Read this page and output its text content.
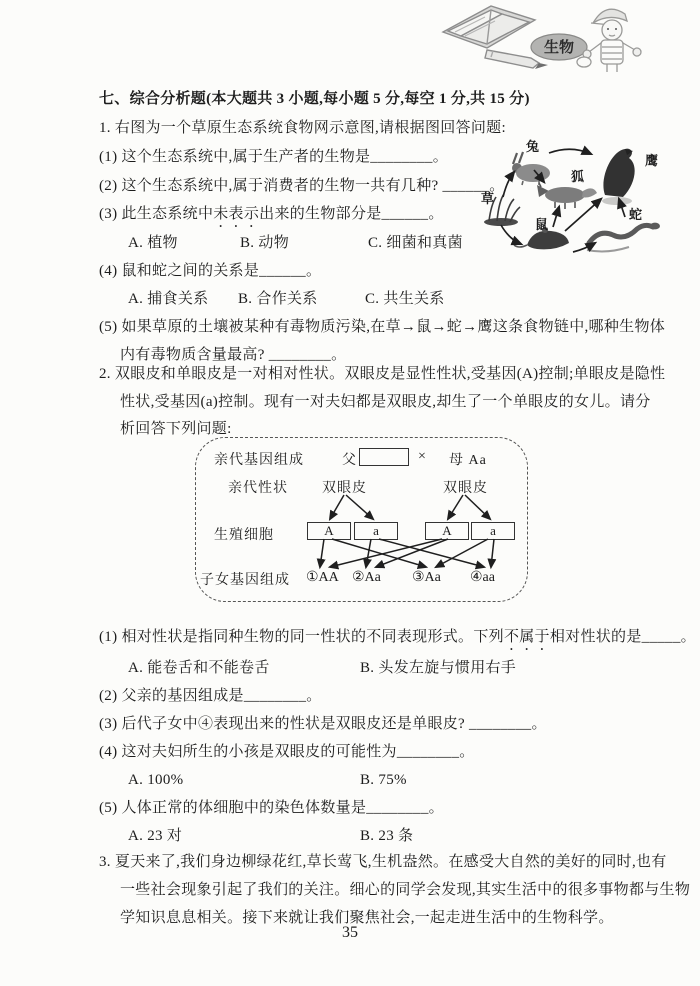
生物
七、综合分析题(本大题共 3 小题,每小题 5 分,每空 1 分,共 15 分)
1. 右图为一个草原生态系统食物网示意图,请根据图回答问题:
(1) 这个生态系统中,属于生产者的生物是________。
(2) 这个生态系统中,属于消费者的生物一共有几种? ______。
(3) 此生态系统中未表示出来的生物部分是______。
A. 植物	B. 动物	C. 细菌和真菌
(4) 鼠和蛇之间的关系是______。
A. 捕食关系 B. 合作关系	C. 共生关系
(5) 如果草原的土壤被某种有毒物质污染,在草→鼠→蛇→鹰这条食物链中,哪种生物体
内有毒物质含量最高? ________。
草
兔
狐
鼠
蛇
鹰
2. 双眼皮和单眼皮是一对相对性状。双眼皮是显性性状,受基因(A)控制;单眼皮是隐性
性状,受基因(a)控制。现有一对夫妇都是双眼皮,却生了一个单眼皮的女儿。请分
析回答下列问题:
亲代基因组成	父	× 母 Aa
亲代性状 双眼皮	双眼皮
生殖细胞	A	a	A	a
子女基因组成 ①AA ②Aa ③Aa ④aa
(1) 相对性状是指同种生物的同一性状的不同表现形式。下列不属于相对性状的是_____。
A. 能卷舌和不能卷舌	B. 头发左旋与惯用右手
(2) 父亲的基因组成是________。
(3) 后代子女中④表现出来的性状是双眼皮还是单眼皮? ________。
(4) 这对夫妇所生的小孩是双眼皮的可能性为________。
A. 100%	B. 75%
(5) 人体正常的体细胞中的染色体数量是________。
A. 23 对	B. 23 条
3. 夏天来了,我们身边柳绿花红,草长莺飞,生机盎然。在感受大自然的美好的同时,也有
一些社会现象引起了我们的关注。细心的同学会发现,其实生活中的很多事物都与生物
学知识息息相关。接下来就让我们聚焦社会,一起走进生活中的生物科学。
35
